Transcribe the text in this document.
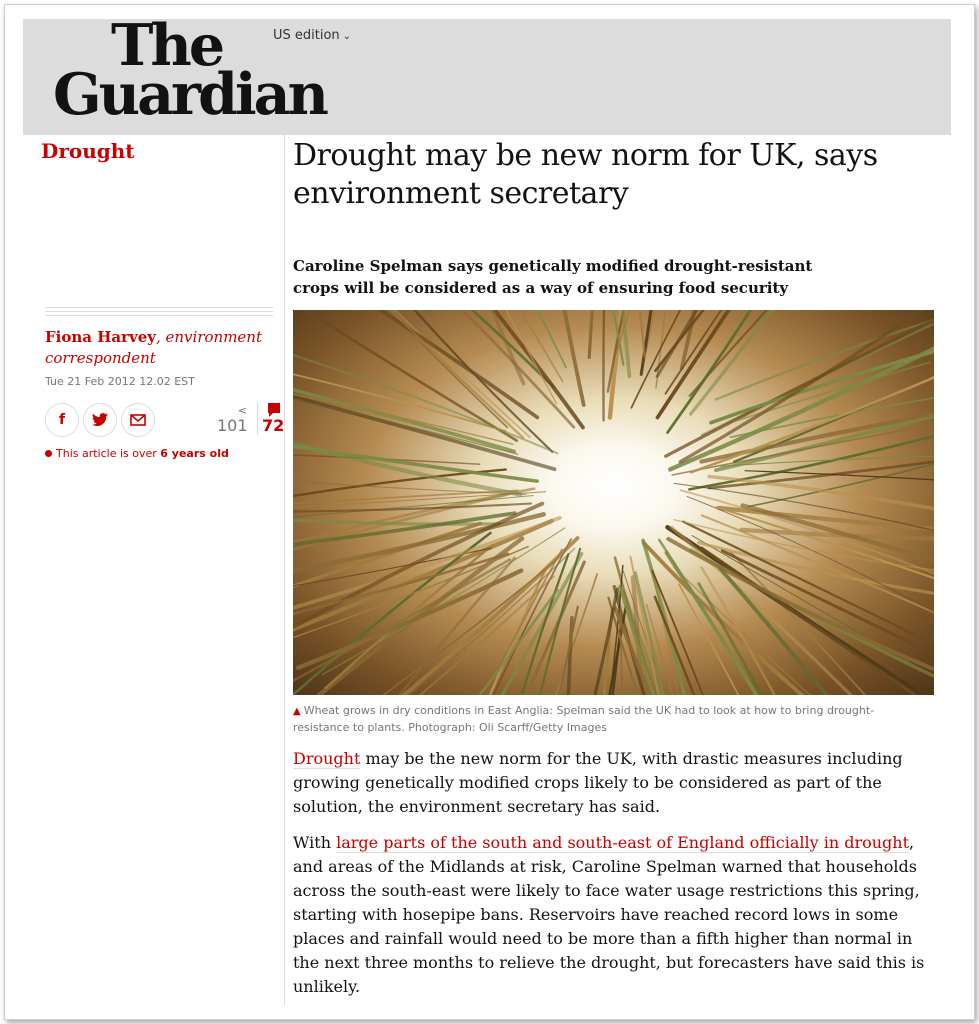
The
Guardian
US edition ⌄
Drought
Fiona Harvey, environment correspondent
Tue 21 Feb 2012 12.02 EST
f
<
101 72
This article is over 6 years old
Drought may be new norm for UK, says environment secretary
Caroline Spelman says genetically modified drought-resistant crops will be considered as a way of ensuring food security
▲ Wheat grows in dry conditions in East Anglia: Spelman said the UK had to look at how to bring drought-resistance to plants. Photograph: Oli Scarff/Getty Images

Drought may be the new norm for the UK, with drastic measures including growing genetically modified crops likely to be considered as part of the solution, the environment secretary has said.

With large parts of the south and south-east of England officially in drought, and areas of the Midlands at risk, Caroline Spelman warned that households across the south-east were likely to face water usage restrictions this spring, starting with hosepipe bans. Reservoirs have reached record lows in some places and rainfall would need to be more than a fifth higher than normal in the next three months to relieve the drought, but forecasters have said this is unlikely.
